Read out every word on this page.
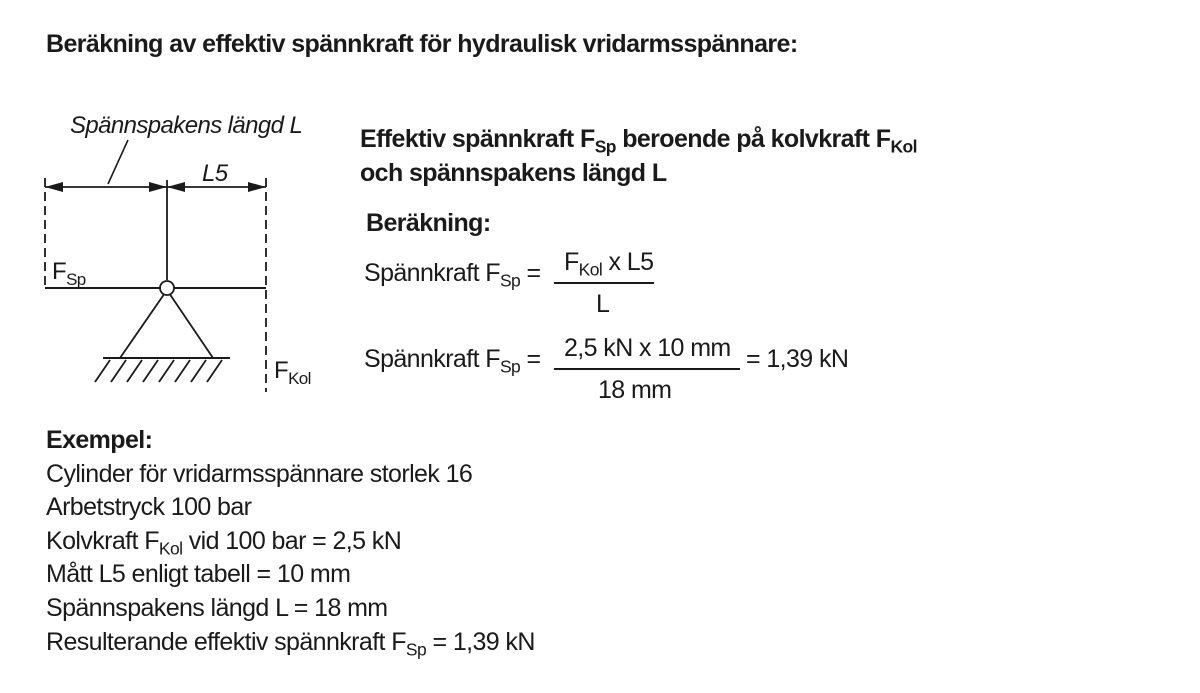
Beräkning av effektiv spännkraft för hydraulisk vridarmsspännare:
Spännspakens längd L
L5
$F_{Sp}$
$F_{Kol}$
Effektiv spännkraft $F_{Sp}$ beroende på kolvkraft $F_{Kol}$
och spännspakens längd L
Beräkning:
Spännkraft $F_{Sp} = F_{Kol}$ x L5
L
Spännkraft $F_{Sp} = 2,5$ kN x 10 mm
18 mm
= 1,39 kN
Exempel:
Cylinder för vridarmsspännare storlek 16
Arbetstryck 100 bar
Kolvkraft $F_{Kol}$ vid 100 bar = 2,5 kN
Mått L5 enligt tabell = 10 mm
Spännspakens längd L = 18 mm
Resulterande effektiv spännkraft $F_{Sp} = 1,39$ kN
